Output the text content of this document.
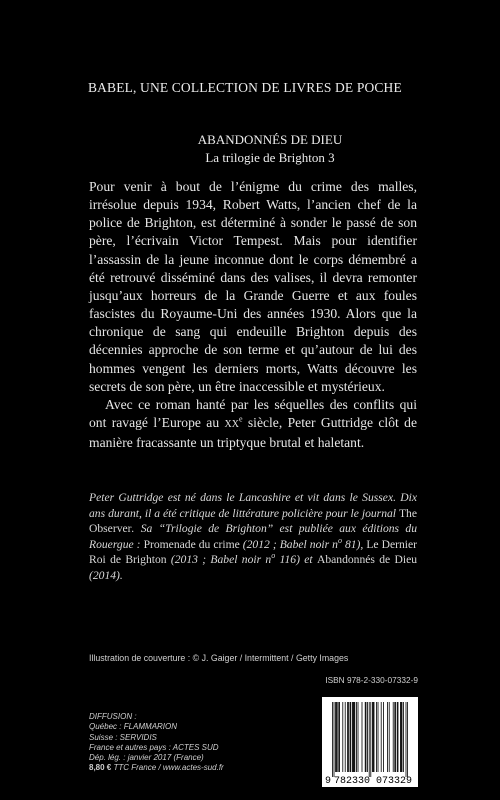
BABEL, UNE COLLECTION DE LIVRES DE POCHE
ABANDONNÉS DE DIEU
La trilogie de Brighton 3

Pour venir à bout de l’énigme du crime des malles, irrésolue depuis 1934, Robert Watts, l’ancien chef de la police de Brighton, est déterminé à sonder le passé de son père, l’écrivain Victor Tempest. Mais pour identifier l’assassin de la jeune inconnue dont le corps démembré a été retrouvé disséminé dans des valises, il devra remonter jusqu’aux horreurs de la Grande Guerre et aux foules fascistes du Royaume-Uni des années 1930. Alors que la chronique de sang qui endeuille Brighton depuis des décennies approche de son terme et qu’autour de lui des hommes vengent les derniers morts, Watts découvre les secrets de son père, un être inaccessible et mystérieux.

Avec ce roman hanté par les séquelles des conflits qui ont ravagé l’Europe au XXe siècle, Peter Guttridge clôt de manière fracassante un triptyque brutal et haletant.

Peter Guttridge est né dans le Lancashire et vit dans le Sussex. Dix ans durant, il a été critique de littérature policière pour le journal The Observer. Sa “Trilogie de Brighton” est publiée aux éditions du Rouergue : Promenade du crime (2012 ; Babel noir $n^o$ 81), Le Dernier Roi de Brighton (2013 ; Babel noir $n^o$ 116) et Abandonnés de Dieu (2014).

Illustration de couverture : © J. Gaiger / Intermittent / Getty Images
ISBN 978-2-330-07332-9
DIFFUSION :
Québec : FLAMMARION
Suisse : SERVIDIS
France et autres pays : ACTES SUD
Dép. lég. : janvier 2017 (France)
8,80 € TTC France / www.actes-sud.fr
9 782330 073329
